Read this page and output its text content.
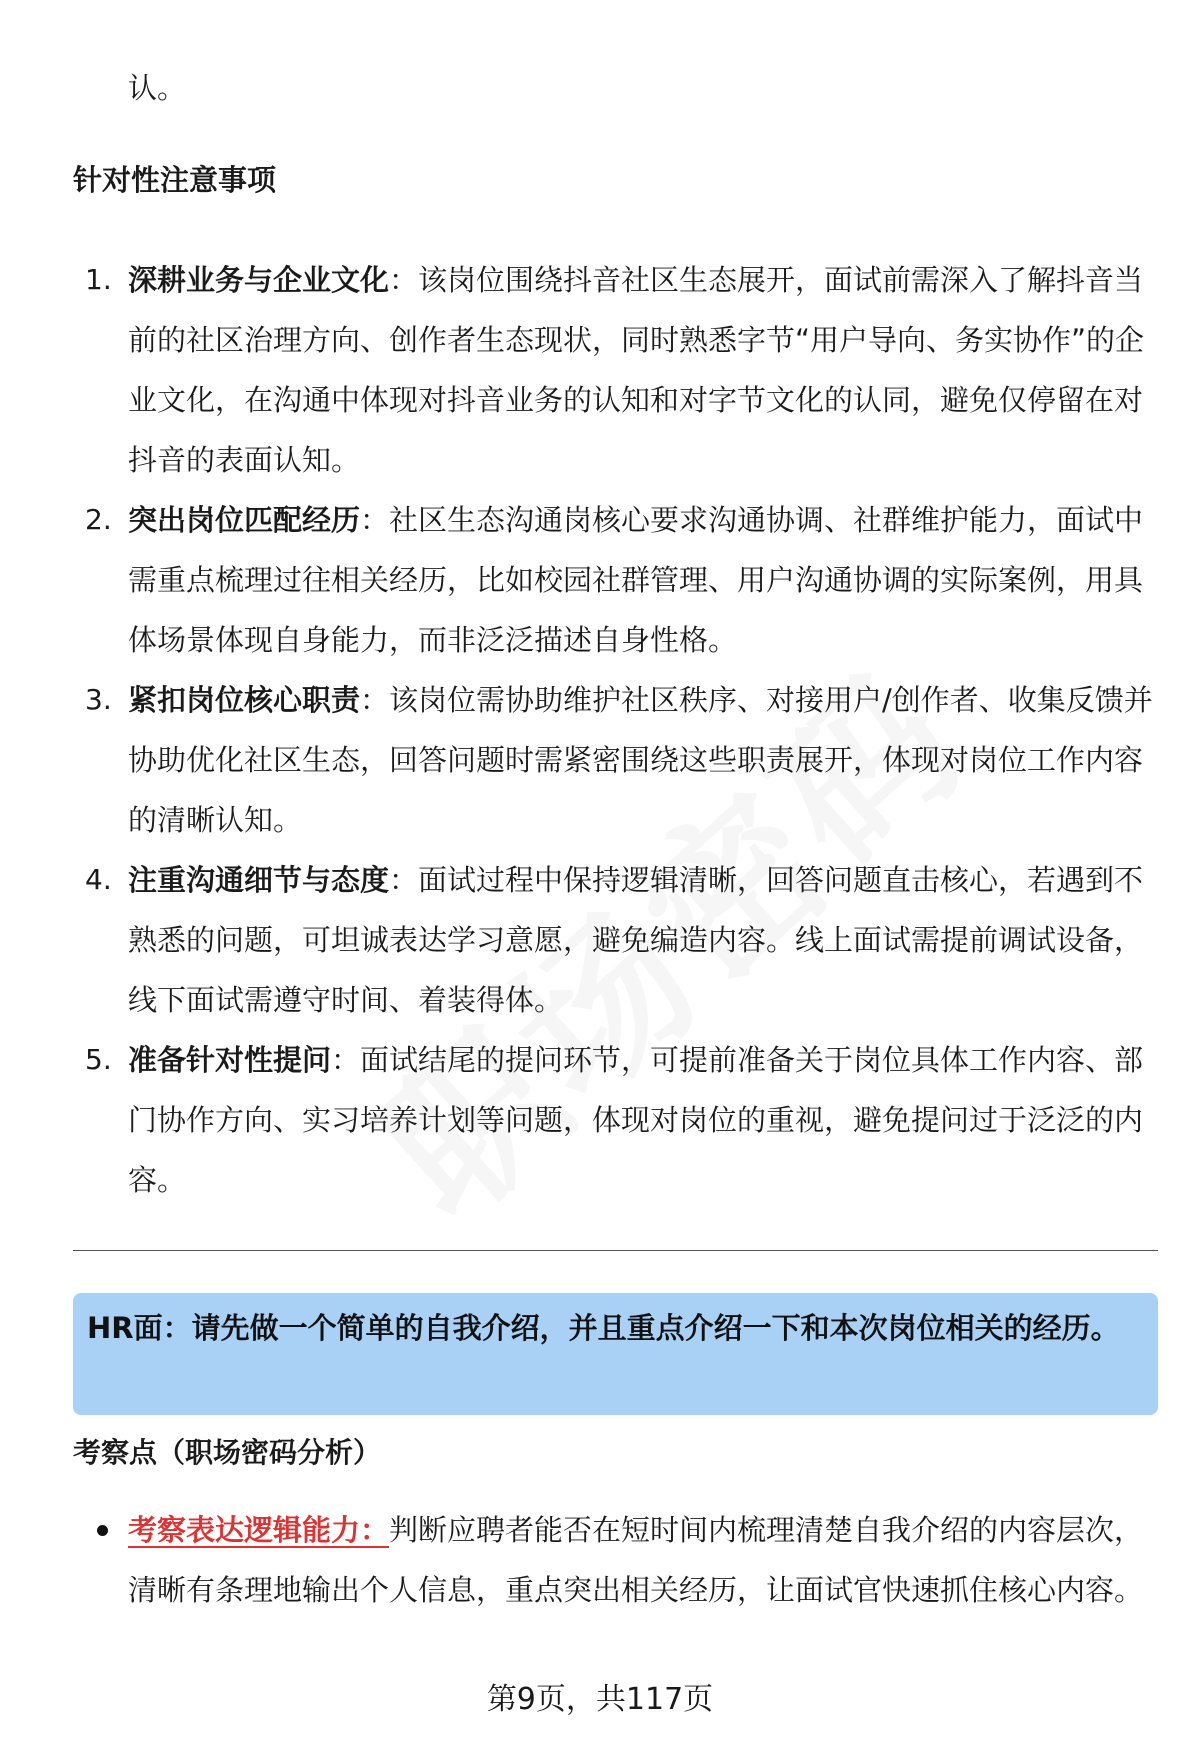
认。
针对性注意事项
1. 深耕业务与企业文化：该岗位围绕抖音社区生态展开，面试前需深入了解抖音当前的社区治理方向、创作者生态现状，同时熟悉字节“用户导向、务实协作”的企业文化，在沟通中体现对抖音业务的认知和对字节文化的认同，避免仅停留在对抖音的表面认知。
2. 突出岗位匹配经历：社区生态沟通岗核心要求沟通协调、社群维护能力，面试中需重点梳理过往相关经历，比如校园社群管理、用户沟通协调的实际案例，用具体场景体现自身能力，而非泛泛描述自身性格。
3. 紧扣岗位核心职责：该岗位需协助维护社区秩序、对接用户/创作者、收集反馈并协助优化社区生态，回答问题时需紧密围绕这些职责展开，体现对岗位工作内容的清晰认知。
4. 注重沟通细节与态度：面试过程中保持逻辑清晰，回答问题直击核心，若遇到不熟悉的问题，可坦诚表达学习意愿，避免编造内容。线上面试需提前调试设备，线下面试需遵守时间、着装得体。
5. 准备针对性提问：面试结尾的提问环节，可提前准备关于岗位具体工作内容、部门协作方向、实习培养计划等问题，体现对岗位的重视，避免提问过于泛泛的内容。
HR面：请先做一个简单的自我介绍，并且重点介绍一下和本次岗位相关的经历。
考察点（职场密码分析）
考察表达逻辑能力：判断应聘者能否在短时间内梳理清楚自我介绍的内容层次，清晰有条理地输出个人信息，重点突出相关经历，让面试官快速抓住核心内容。
第9页，共117页
